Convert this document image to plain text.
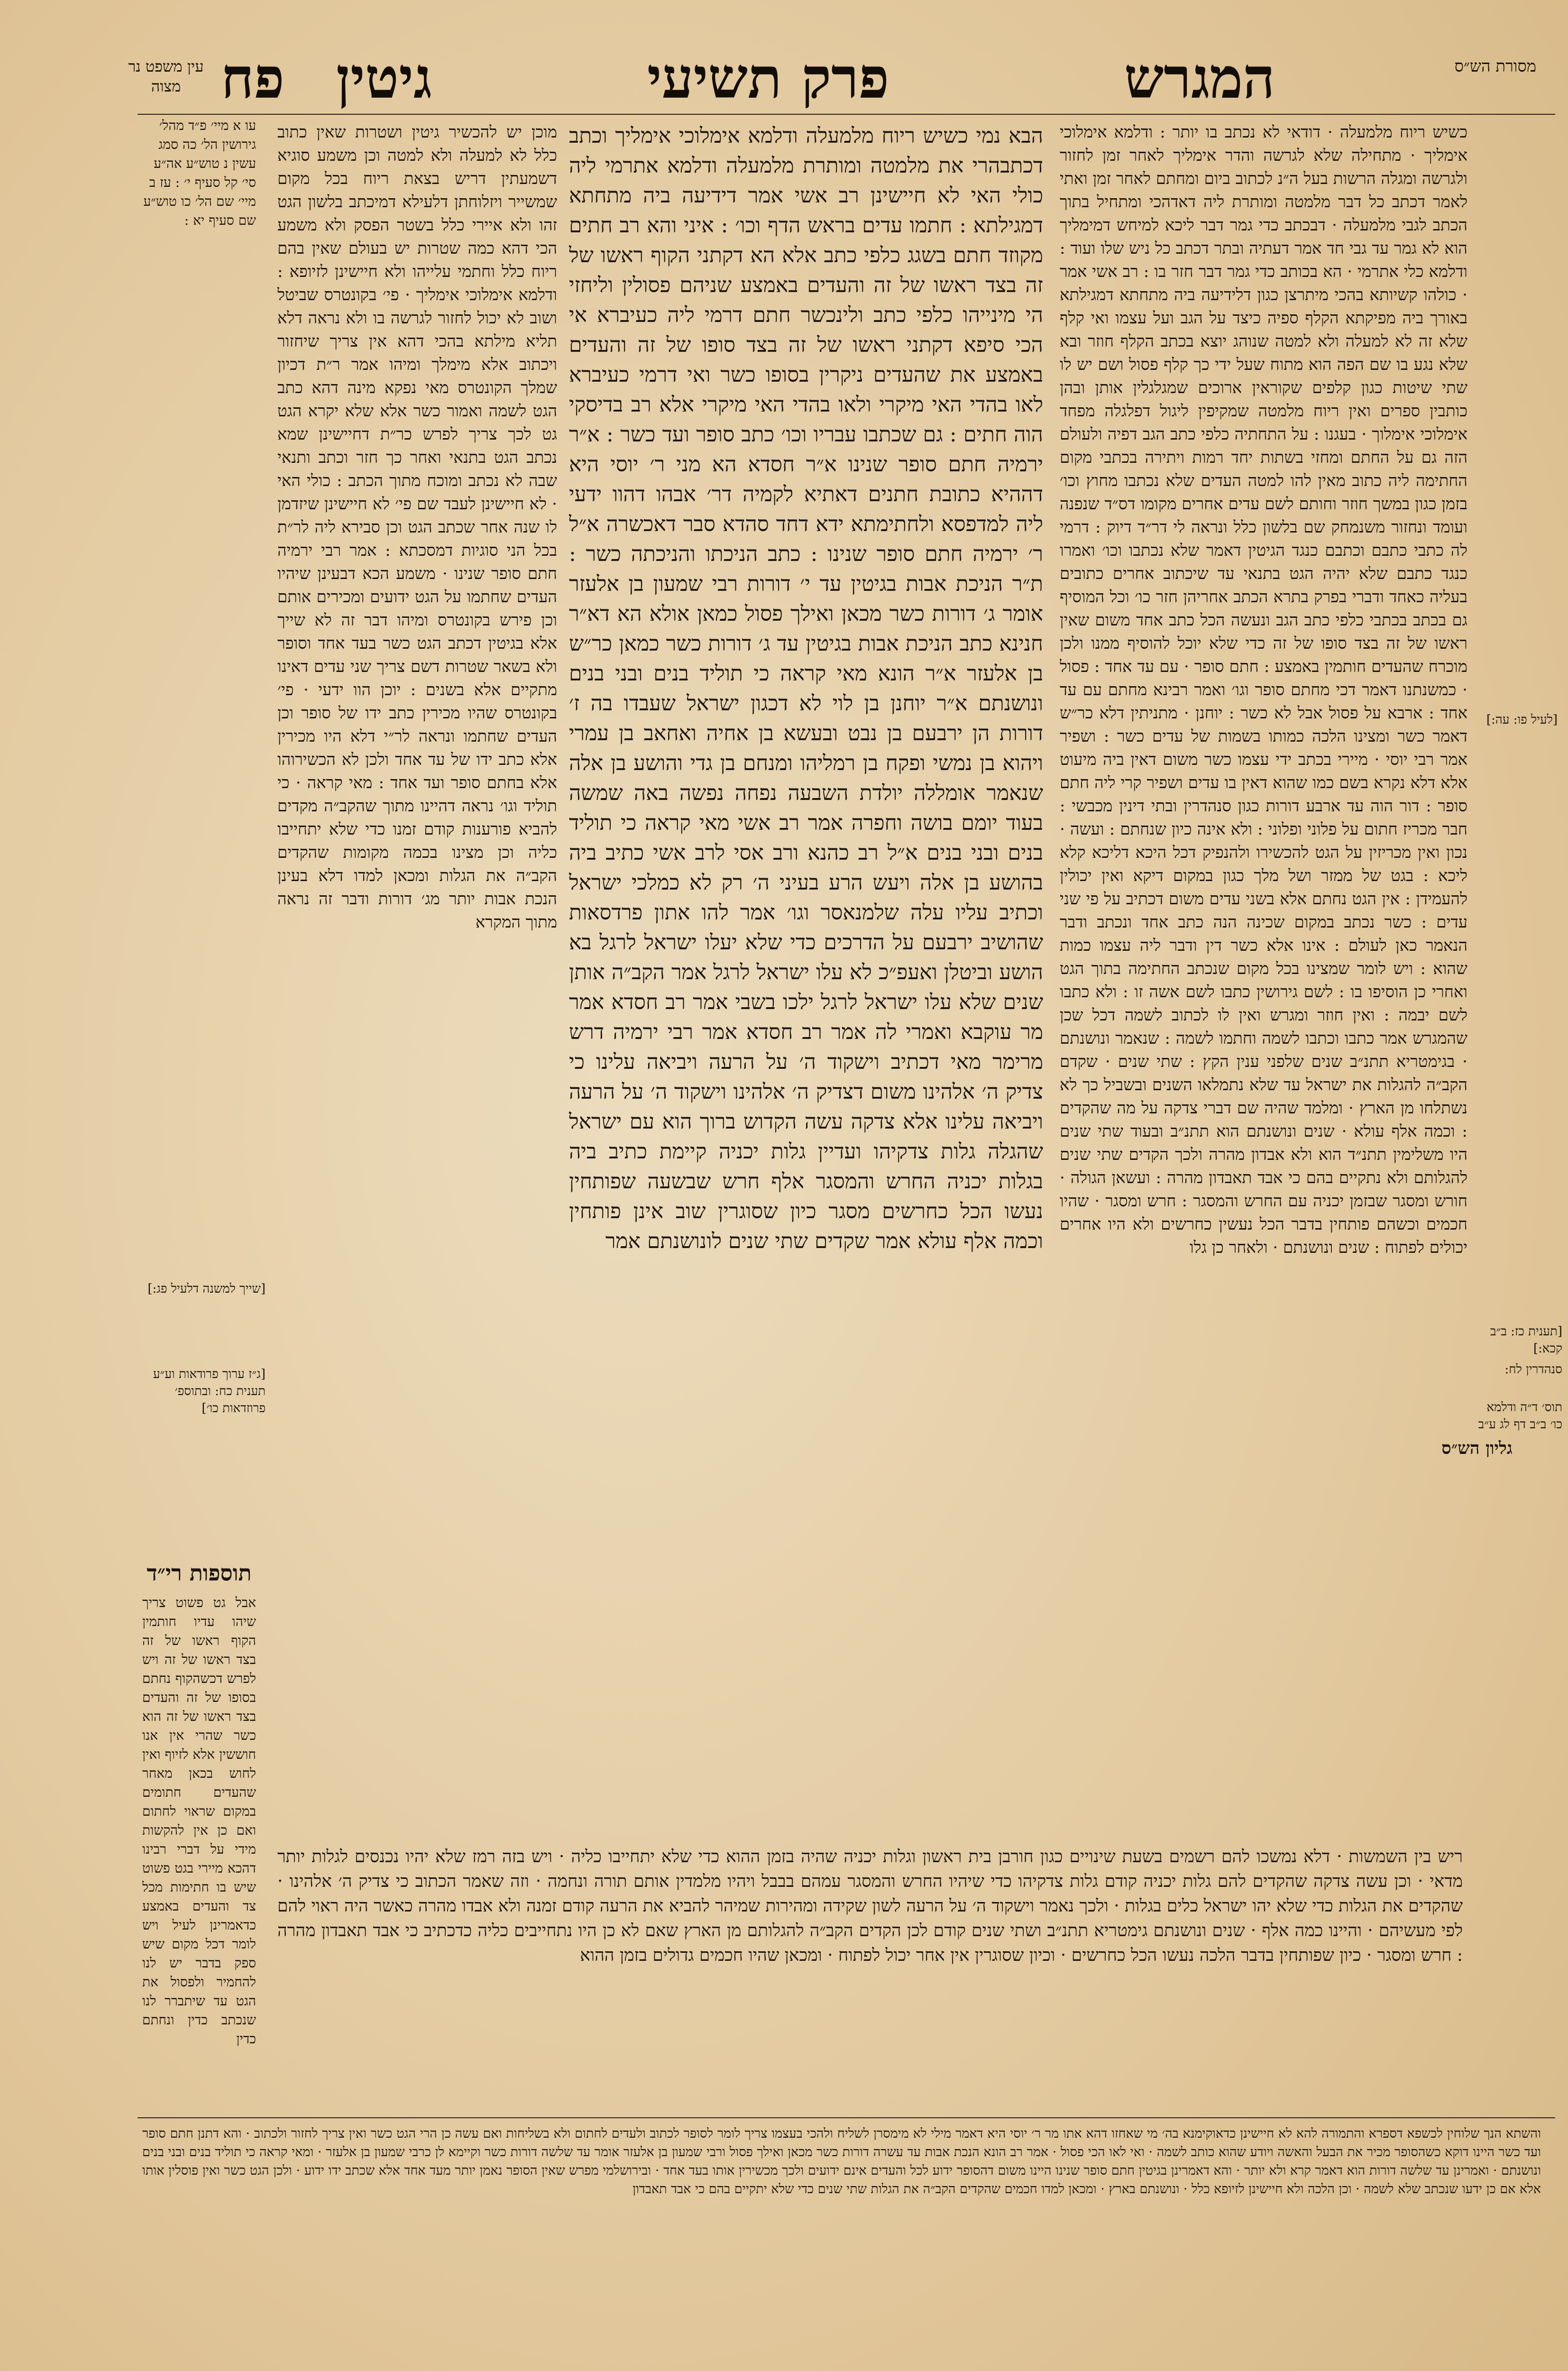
מסורת הש״ס
המגרש
פרק תשיעי
גיטין
פח
עין משפט נר מצוה
עו א מיי׳ פ״ד מהל׳ גירושין הל׳ כה סמג עשין נ טוש״ע אה״ע סי׳ קל סעיף י׳ : עז ב מיי׳ שם הל׳ כו טוש״ע שם סעיף יא :
כשיש ריוח מלמעלה · דודאי לא נכתב בו יותר : ודלמא אימלוכי אימליך · מתחילה שלא לגרשה והדר אימליך לאחר זמן לחזור ולגרשה ומגלה הרשות בעל ה״נ לכתוב ביום ומחתם לאחר זמן ואתי לאמר דכתב כל דבר מלמטה ומותרת ליה דאדהכי ומתחיל בתוך הכתב לגבי מלמעלה · דבכתב כדי גמר דבר ליכא למיחש דמימליך הוא לא גמר עד גבי חד אמר דעתיה ובתר דכתב כל ניש שלו ועוד : ודלמא כלי אתרמי · הא בכותב כדי גמר דבר חזר בו : רב אשי אמר · כולהו קשיותא בהכי מיתרצן כגון דלידיעה ביה מתחתא דמגילתא באורך ביה מפיקתא הקלף ספיה כיצד על הגב ועל עצמו ואי קלף שלא זה לא למעלה ולא למטה שנוהג יוצא בכתב הקלף חוזר ובא שלא נגע בו שם הפה הוא מתוח שעל ידי כך קלף פסול ושם יש לו שתי שיטות כגון קלפים שקוראין ארוכים שמגלגלין אותן ובהן כותבין ספרים ואין ריוח מלמטה שמקיפין ליגול דפלגלה מפחד אימלוכי אימלוך · בעגנו : על התחתיה כלפי כתב הגב דפיה ולעולם הזה גם על החתם ומחזי בשתות יחד רמות ויתירה בכתבי מקום החתימה ליה כתוב מאין להו למטה העדים שלא נכתבו מחוץ וכו׳ בזמן כגון במשך חוזר וחותם לשם עדים אחרים מקומו דס״ד שנפנה ועומד ונחזור משנמחק שם בלשון כלל ונראה לי דר״ד דיוק : דרמי לה כתבי כתבם וכתבם כנגד הגיטין דאמר שלא נכתבו וכו׳ ואמרו כנגד כתבם שלא יהיה הגט בתנאי עד שיכתוב אחרים כתובים בעליה כאחד ודברי בפרק בתרא הכתב אחריהן חזר כו׳ וכל המוסיף גם בכתב בכתבי כלפי כתב הגב ונעשה הכל כתב אחד משום שאין ראשו של זה בצד סופו של זה כדי שלא יוכל להוסיף ממנו ולכן מוכרח שהעדים חותמין באמצע : חתם סופר · עם עד אחד : פסול · כמשנתנו דאמר דכי מחתם סופר וגו׳ ואמר רבינא מחתם עם עד אחד : ארבא על פסול אבל לא כשר : יוחנן · מתניתין דלא כר״ש דאמר כשר ומצינו הלכה כמותו בשמות של עדים כשר : ושפיר אמר רבי יוסי · מיירי בכתב ידי עצמו כשר משום דאין ביה מיעוט אלא דלא נקרא בשם כמו שהוא דאין בו עדים ושפיר קרי ליה חתם סופר : דור הוה עד ארבע דורות כגון סנהדרין ובתי דינין מכבשי : חבר מכריז חתום על פלוני ופלוני : ולא אינה כיון שנחתם : ועשה · נכון ואין מכריזין על הגט להכשירו ולהנפיק דכל היכא דליכא קלא ליכא : בגט של ממזר ושל מלך כגון במקום דיקא ואין יכולין להעמידן : אין הגט נחתם אלא בשני עדים משום דכתיב על פי שני עדים : כשר נכתב במקום שכינה הנה כתב אחד ונכתב ודבר הנאמר כאן לעולם : אינו אלא כשר דין ודבר ליה עצמו כמות שהוא : ויש לומר שמצינו בכל מקום שנכתב החתימה בתוך הגט ואחרי כן הוסיפו בו : לשם גירושין כתבו לשם אשה זו : ולא כתבו לשם יבמה : ואין חוזר ומגרש ואין לו לכתוב לשמה דכל שכן שהמגרש אמר כתבו וכתבו לשמה וחתמו לשמה : שנאמר ונושנתם · בגימטריא תתנ״ב שנים שלפני ענין הקץ : שתי שנים · שקדם הקב״ה להגלות את ישראל עד שלא נתמלאו השנים ובשביל כך לא נשתלחו מן הארץ · ומלמד שהיה שם דברי צדקה על מה שהקדים : וכמה אלף עולא · שנים ונושנתם הוא תתנ״ב ובעוד שתי שנים היו משלימין תתנ״ד הוא ולא אבדון מהרה ולכך הקדים שתי שנים להגלותם ולא נתקיים בהם כי אבד תאבדון מהרה : ועשאן הגולה · חורש ומסגר שבזמן יכניה עם החרש והמסגר : חרש ומסגר · שהיו חכמים וכשהם פותחין בדבר הכל נעשין כחרשים ולא היו אחרים יכולים לפתוח : שנים ונושנתם · ולאחר כן גלו
הבא נמי כשיש ריוח מלמעלה ודלמא אימלוכי אימליך וכתב דכתבהרי את מלמטה ומותרת מלמעלה ודלמא אתרמי ליה כולי האי לא חיישינן רב אשי אמר דידיעה ביה מתחתא דמגילתא : חתמו עדים בראש הדף וכו׳ : איני והא רב חתים מקוזד חתם בשגג כלפי כתב אלא הא דקתני הקוף ראשו של זה בצד ראשו של זה והעדים באמצע שניהם פסולין וליחזי הי מינייהו כלפי כתב ולינכשר חתם דרמי ליה כעיברא אי הכי סיפא דקתני ראשו של זה בצד סופו של זה והעדים באמצע את שהעדים ניקרין בסופו כשר ואי דרמי כעיברא לאו בהדי האי מיקרי ולאו בהדי האי מיקרי אלא רב בדיסקי הוה חתים : גם שכתבו עבריו וכו׳ כתב סופר ועד כשר : א״ר ירמיה חתם סופר שנינו א״ר חסדא הא מני ר׳ יוסי היא דההיא כתובת חתנים דאתיא לקמיה דר׳ אבהו דהוו ידעי ליה למדפסא ולחתימתא ידא דחד סהדא סבר דאכשרה א״ל ר׳ ירמיה חתם סופר שנינו : כתב הניכתו והניכתה כשר : ת״ר הניכת אבות בגיטין עד י׳ דורות רבי שמעון בן אלעזר אומר ג׳ דורות כשר מכאן ואילך פסול כמאן אולא הא דא״ר חנינא כתב הניכת אבות בגיטין עד ג׳ דורות כשר כמאן כר״ש בן אלעזר א״ר הונא מאי קראה כי תוליד בנים ובני בנים ונושנתם א״ר יוחנן בן לוי לא דכגון ישראל שעבדו בה ז׳ דורות הן ירבעם בן נבט ובעשא בן אחיה ואחאב בן עמרי ויהוא בן נמשי ופקח בן רמליהו ומנחם בן גדי והושע בן אלה שנאמר אומללה יולדת השבעה נפחה נפשה באה שמשה בעוד יומם בושה וחפרה אמר רב אשי מאי קראה כי תוליד בנים ובני בנים א״ל רב כהנא ורב אסי לרב אשי כתיב ביה בהושע בן אלה ויעש הרע בעיני ה׳ רק לא כמלכי ישראל וכתיב עליו עלה שלמנאסר וגו׳ אמר להו אתון פרדסאות שהושיב ירבעם על הדרכים כדי שלא יעלו ישראל לרגל בא הושע וביטלן ואעפ״כ לא עלו ישראל לרגל אמר הקב״ה אותן שנים שלא עלו ישראל לרגל ילכו בשבי אמר רב חסדא אמר מר עוקבא ואמרי לה אמר רב חסדא אמר רבי ירמיה דרש מרימר מאי דכתיב וישקוד ה׳ על הרעה ויביאה עלינו כי צדיק ה׳ אלהינו משום דצדיק ה׳ אלהינו וישקוד ה׳ על הרעה ויביאה עלינו אלא צדקה עשה הקדוש ברוך הוא עם ישראל שהגלה גלות צדקיהו ועדיין גלות יכניה קיימת כתיב ביה בגלות יכניה החרש והמסגר אלף חרש שבשעה שפותחין נעשו הכל כחרשים מסגר כיון שסוגרין שוב אינן פותחין וכמה אלף עולא אמר שקדים שתי שנים לונושנתם אמר
מוכן יש להכשיר גיטין ושטרות שאין כתוב כלל לא למעלה ולא למטה וכן משמע סוגיא דשמעתין דריש בצאת ריוח בכל מקום שמשייר ויזלוחתן דלעילא דמיכתב בלשון הגט זהו ולא איירי כלל בשטר הפסק ולא משמע הכי דהא כמה שטרות יש בעולם שאין בהם ריוח כלל וחתמי עלייהו ולא חיישינן לזיופא : ודלמא אימלוכי אימליך · פי׳ בקונטרס שביטל ושוב לא יכול לחזור לגרשה בו ולא נראה דלא תליא מילתא בהכי דהא אין צריך שיחזור ויכתוב אלא מימלך ומיהו אמר ר״ת דכיון שמלך הקונטרס מאי נפקא מינה דהא כתב הגט לשמה ואמור כשר אלא שלא יקרא הגט גט לכך צריך לפרש כר״ת דחיישינן שמא נכתב הגט בתנאי ואחר כך חזר וכתב ותנאי שבה לא נכתב ומוכח מתוך הכתב : כולי האי · לא חיישינן לעבד שם פי׳ לא חיישינן שיזדמן לו שנה אחר שכתב הגט וכן סבירא ליה לר״ת בכל הני סוגיות דמסכתא : אמר רבי ירמיה חתם סופר שנינו · משמע הכא דבעינן שיהיו העדים שחתמו על הגט ידועים ומכירים אותם וכן פירש בקונטרס ומיהו דבר זה לא שייך אלא בגיטין דכתב הגט כשר בעד אחד וסופר ולא בשאר שטרות דשם צריך שני עדים דאינו מתקיים אלא בשנים : יוכן הוו ידעי · פי׳ בקונטרס שהיו מכירין כתב ידו של סופר וכן העדים שחתמו ונראה לר״י דלא היו מכירין אלא כתב ידו של עד אחד ולכן לא הכשירוהו אלא בחתם סופר ועד אחד : מאי קראה · כי תוליד וגו׳ נראה דהיינו מתוך שהקב״ה מקדים להביא פורענות קודם זמנו כדי שלא יתחייבו כליה וכן מצינו בכמה מקומות שהקדים הקב״ה את הגלות ומכאן למדו דלא בעינן הנכת אבות יותר מג׳ דורות ודבר זה נראה מתוך המקרא
תוספות רי״ד
אבל גט פשוט צריך שיהו עדיו חותמין הקוף ראשו של זה בצד ראשו של זה ויש לפרש דכשהקוף נחתם בסופו של זה והעדים בצד ראשו של זה הוא כשר שהרי אין אנו חוששין אלא לזיוף ואין לחוש בכאן מאחר שהעדים חתומים במקום שראוי לחתום ואם כן אין להקשות מידי על דברי רבינו דהכא מיירי בגט פשוט שיש בו חתימות מכל צד והעדים באמצע כדאמרינן לעיל ויש לומר דכל מקום שיש ספק בדבר יש לנו להחמיר ולפסול את הגט עד שיתברר לנו שנכתב כדין ונחתם כדין
גליון הש״ס
[לעיל פו: עה:]
[שייך למשנה דלעיל פג:]
[ג״ז ערוך פרודאות וע״ע תענית כח: ובתוספ׳ פרוזדאות כו׳]
[תענית כז: ב״ב קכא:]
סנהדרין לח:
תוס׳ ד״ה ודלמא כו׳ ב״ב דף לג ע״ב
ריש בין השמשות · דלא נמשכו להם רשמים בשעת שינויים כגון חורבן בית ראשון וגלות יכניה שהיה בזמן ההוא כדי שלא יתחייבו כליה · ויש בזה רמז שלא יהיו נכנסים לגלות יותר מדאי · וכן עשה צדקה שהקדים להם גלות יכניה קודם גלות צדקיהו כדי שיהיו החרש והמסגר עמהם בבבל ויהיו מלמדין אותם תורה ונחמה · וזה שאמר הכתוב כי צדיק ה׳ אלהינו · שהקדים את הגלות כדי שלא יהו ישראל כלים בגלות · ולכך נאמר וישקוד ה׳ על הרעה לשון שקידה ומהירות שמיהר להביא את הרעה קודם זמנה ולא אבדו מהרה כאשר היה ראוי להם לפי מעשיהם · והיינו כמה אלף · שנים ונושנתם גימטריא תתנ״ב ושתי שנים קודם לכן הקדים הקב״ה להגלותם מן הארץ שאם לא כן היו נתחייבים כליה כדכתיב כי אבד תאבדון מהרה : חרש ומסגר · כיון שפותחין בדבר הלכה נעשו הכל כחרשים · וכיון שסוגרין אין אחר יכול לפתוח · ומכאן שהיו חכמים גדולים בזמן ההוא
והשתא הנך שלוחין לכשפא דספרא והתמורה להא לא חיישינן כדאוקימנא בה׳ מי שאחזו דהא אתו מר ר׳ יוסי היא דאמר מילי לא מימסרן לשליח ולהכי בעצמו צריך לומר לסופר לכתוב ולעדים לחתום ולא בשליחות ואם עשה כן הרי הגט כשר ואין צריך לחזור ולכתוב · והא דתנן חתם סופר ועד כשר היינו דוקא כשהסופר מכיר את הבעל והאשה ויודע שהוא כותב לשמה · ואי לאו הכי פסול · אמר רב הונא הנכת אבות עד עשרה דורות כשר מכאן ואילך פסול ורבי שמעון בן אלעזר אומר עד שלשה דורות כשר וקיימא לן כרבי שמעון בן אלעזר · ומאי קראה כי תוליד בנים ובני בנים ונושנתם · ואמרינן עד שלשה דורות הוא דאמר קרא ולא יותר · והא דאמרינן בגיטין חתם סופר שנינו היינו משום דהסופר ידוע לכל והעדים אינם ידועים ולכך מכשירין אותו בעד אחד · ובירושלמי מפרש שאין הסופר נאמן יותר מעד אחד אלא שכתב ידו ידוע · ולכן הגט כשר ואין פוסלין אותו אלא אם כן ידעו שנכתב שלא לשמה · וכן הלכה ולא חיישינן לזיופא כלל · ונושנתם בארץ · ומכאן למדו חכמים שהקדים הקב״ה את הגלות שתי שנים כדי שלא יתקיים בהם כי אבד תאבדון
